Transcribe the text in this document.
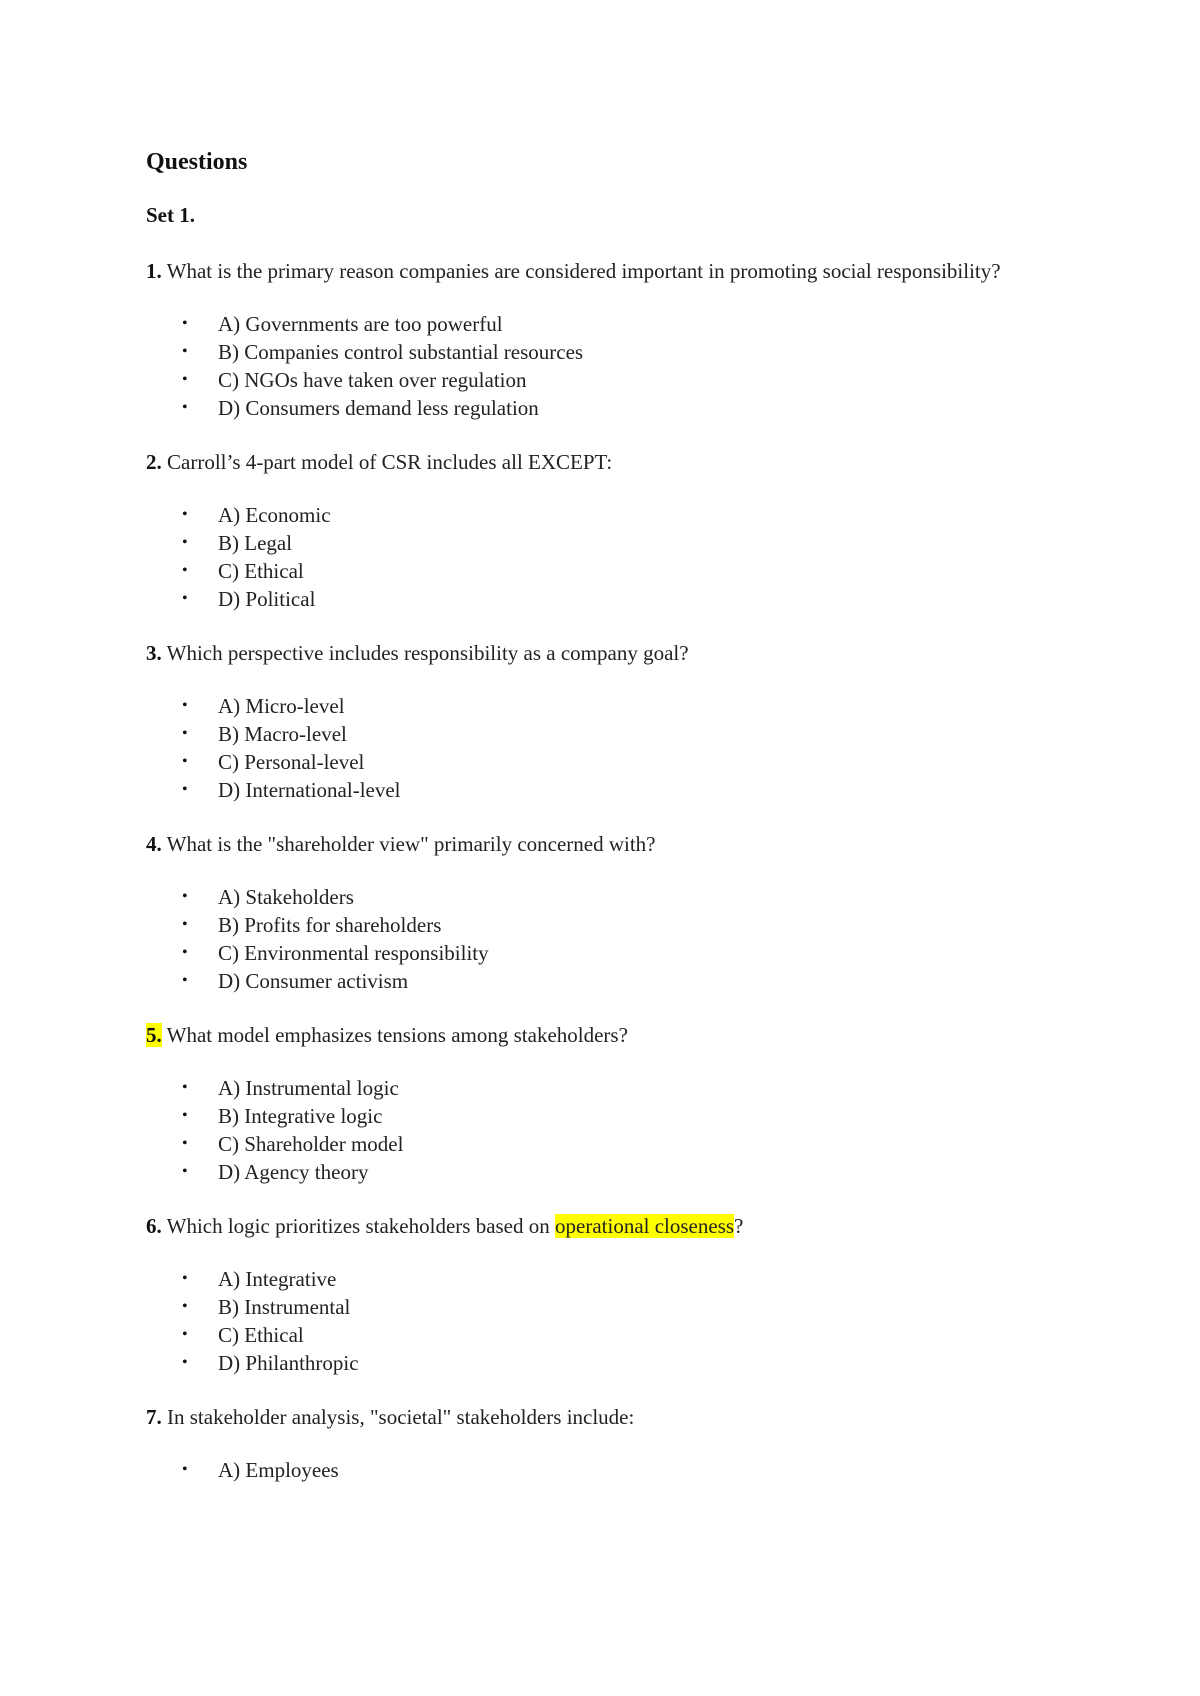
Questions
Set 1.
1. What is the primary reason companies are considered important in promoting social responsibility?
• A) Governments are too powerful
• B) Companies control substantial resources
• C) NGOs have taken over regulation
• D) Consumers demand less regulation
2. Carroll’s 4-part model of CSR includes all EXCEPT:
• A) Economic
• B) Legal
• C) Ethical
• D) Political
3. Which perspective includes responsibility as a company goal?
• A) Micro-level
• B) Macro-level
• C) Personal-level
• D) International-level
4. What is the "shareholder view" primarily concerned with?
• A) Stakeholders
• B) Profits for shareholders
• C) Environmental responsibility
• D) Consumer activism
5. What model emphasizes tensions among stakeholders?
• A) Instrumental logic
• B) Integrative logic
• C) Shareholder model
• D) Agency theory
6. Which logic prioritizes stakeholders based on operational closeness?
• A) Integrative
• B) Instrumental
• C) Ethical
• D) Philanthropic
7. In stakeholder analysis, "societal" stakeholders include:
• A) Employees
